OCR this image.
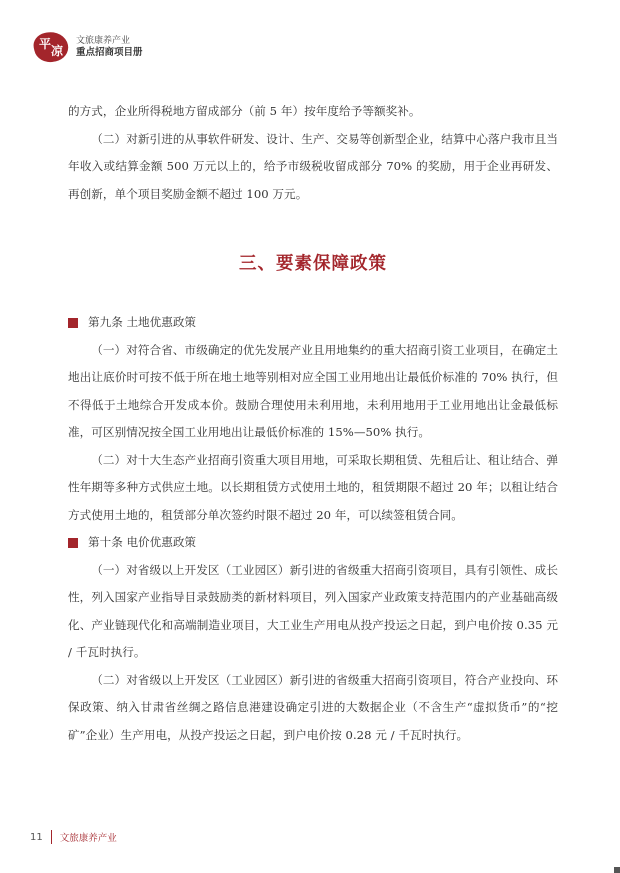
平 凉
文旅康养产业
重点招商项目册

的方式，企业所得税地方留成部分（前 5 年）按年度给予等额奖补。

（二）对新引进的从事软件研发、设计、生产、交易等创新型企业，结算中心落户我市且当年收入或结算金额 500 万元以上的，给予市级税收留成部分 70% 的奖励，用于企业再研发、再创新，单个项目奖励金额不超过 100 万元。

三、要素保障政策
第九条 土地优惠政策

（一）对符合省、市级确定的优先发展产业且用地集约的重大招商引资工业项目，在确定土地出让底价时可按不低于所在地土地等别相对应全国工业用地出让最低价标准的 70% 执行，但不得低于土地综合开发成本价。鼓励合理使用未利用地，未利用地用于工业用地出让金最低标准，可区别情况按全国工业用地出让最低价标准的 15%—50% 执行。

（二）对十大生态产业招商引资重大项目用地，可采取长期租赁、先租后让、租让结合、弹性年期等多种方式供应土地。以长期租赁方式使用土地的，租赁期限不超过 20 年；以租让结合方式使用土地的，租赁部分单次签约时限不超过 20 年，可以续签租赁合同。

第十条 电价优惠政策

（一）对省级以上开发区（工业园区）新引进的省级重大招商引资项目，具有引领性、成长性，列入国家产业指导目录鼓励类的新材料项目，列入国家产业政策支持范围内的产业基础高级化、产业链现代化和高端制造业项目，大工业生产用电从投产投运之日起，到户电价按 0.35 元 / 千瓦时执行。

（二）对省级以上开发区（工业园区）新引进的省级重大招商引资项目，符合产业投向、环保政策、纳入甘肃省丝绸之路信息港建设确定引进的大数据企业（不含生产“虚拟货币”的“挖矿”企业）生产用电，从投产投运之日起，到户电价按 0.28 元 / 千瓦时执行。

11 文旅康养产业
